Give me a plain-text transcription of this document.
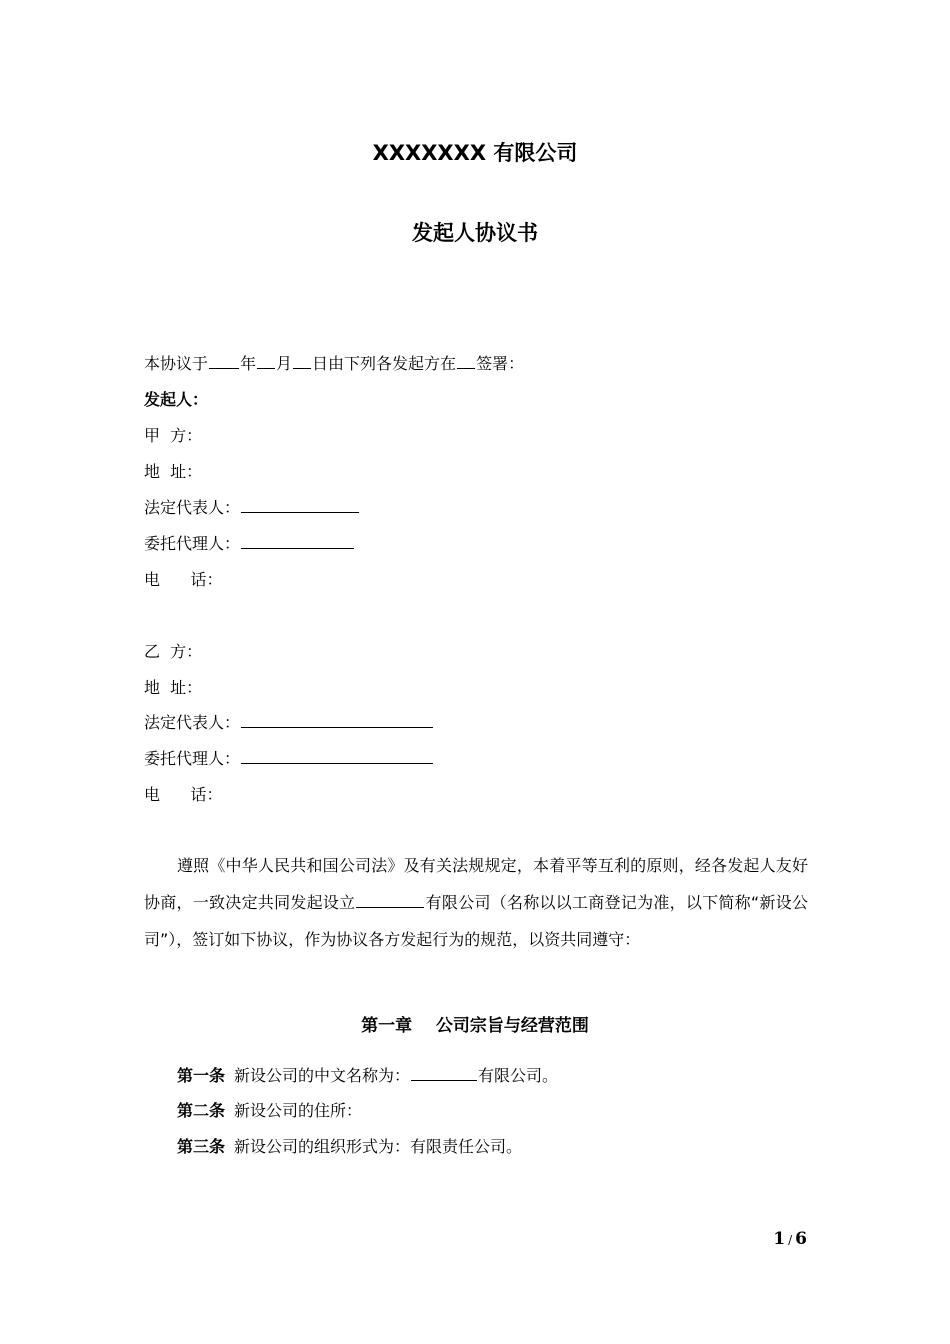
XXXXXXX 有限公司
发起人协议书
本协议于 年 月 日由下列各发起方在 签署：
发起人：
甲  方：
地  址：
法定代表人：
委托代理人：
电      话：
乙  方：
地  址：
法定代表人：
委托代理人：
电      话：
遵照《中华人民共和国公司法》及有关法规规定，本着平等互利的原则，经各发起人友好协商，一致决定共同发起设立	有限公司（名称以以工商登记为准，以下简称“新设公司”），签订如下协议，作为协议各方发起行为的规范，以资共同遵守：
第一章    公司宗旨与经营范围
第一条 新设公司的中文名称为：	有限公司。
第二条 新设公司的住所：
第三条 新设公司的组织形式为：有限责任公司。
1 / 6
